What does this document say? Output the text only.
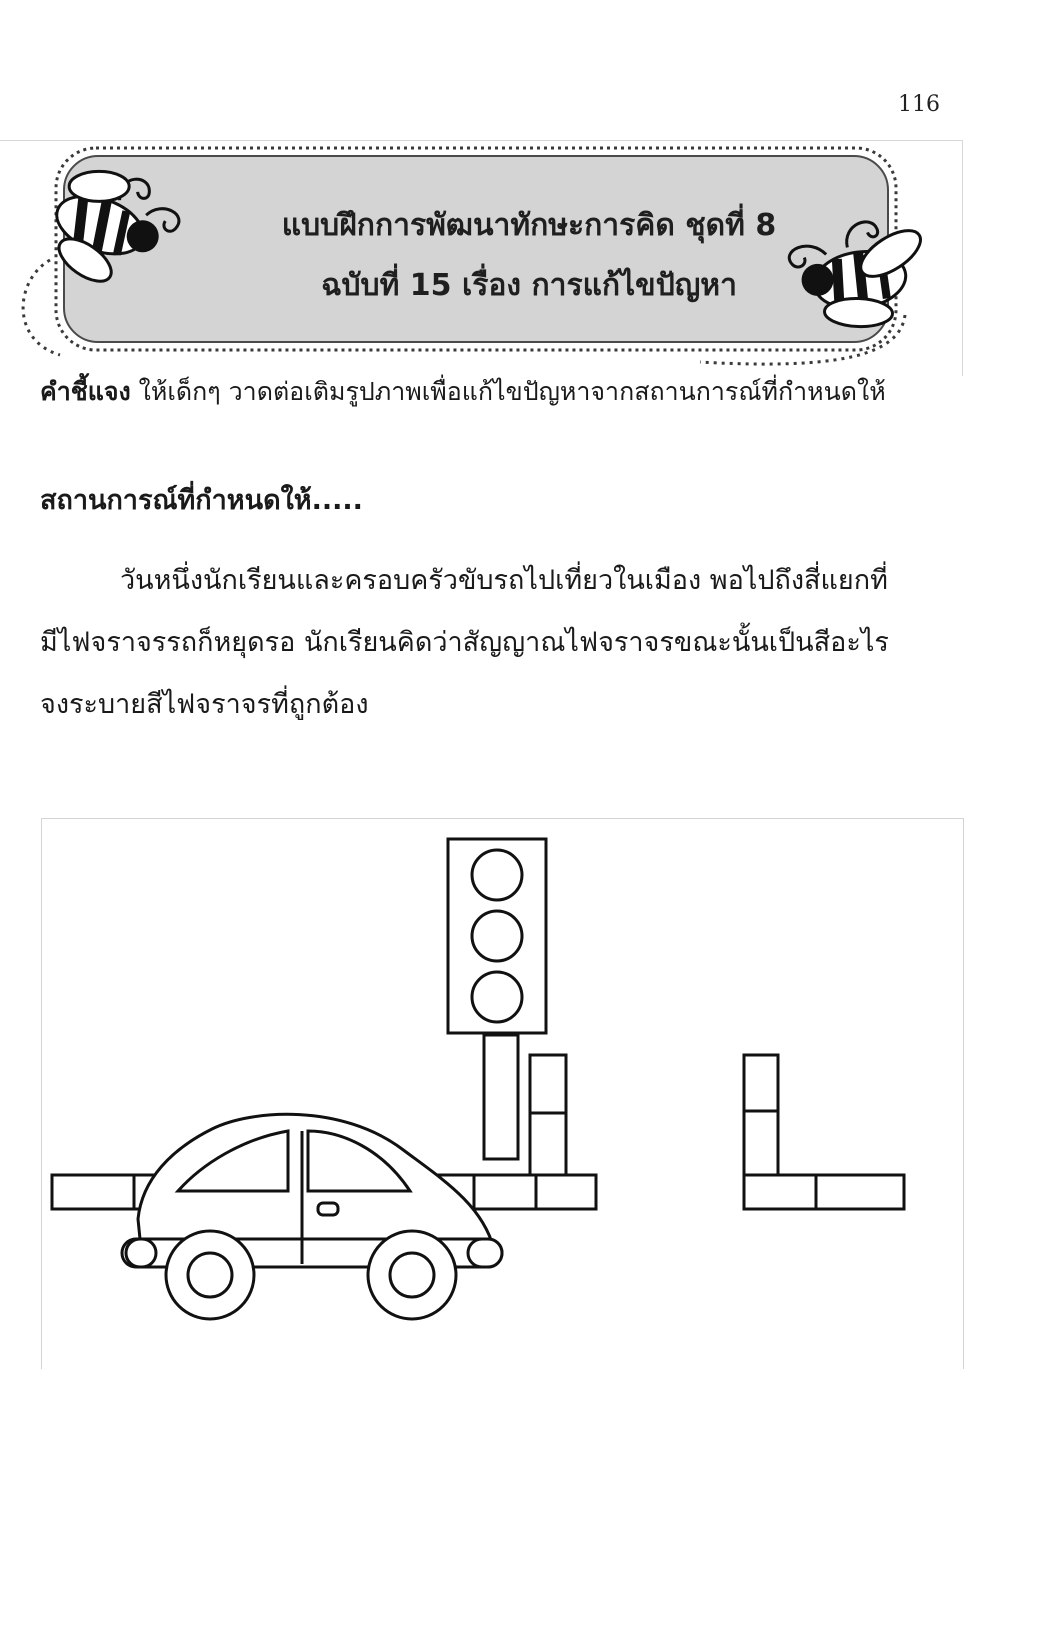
116
แบบฝึกการพัฒนาทักษะการคิด ชุดที่ 8
ฉบับที่ 15 เรื่อง การแก้ไขปัญหา
คำชี้แจง ให้เด็กๆ วาดต่อเติมรูปภาพเพื่อแก้ไขปัญหาจากสถานการณ์ที่กำหนดให้
สถานการณ์ที่กำหนดให้.....

วันหนึ่งนักเรียนและครอบครัวขับรถไปเที่ยวในเมือง พอไปถึงสี่แยกที่

มีไฟจราจรรถก็หยุดรอ นักเรียนคิดว่าสัญญาณไฟจราจรขณะนั้นเป็นสีอะไร

จงระบายสีไฟจราจรที่ถูกต้อง
